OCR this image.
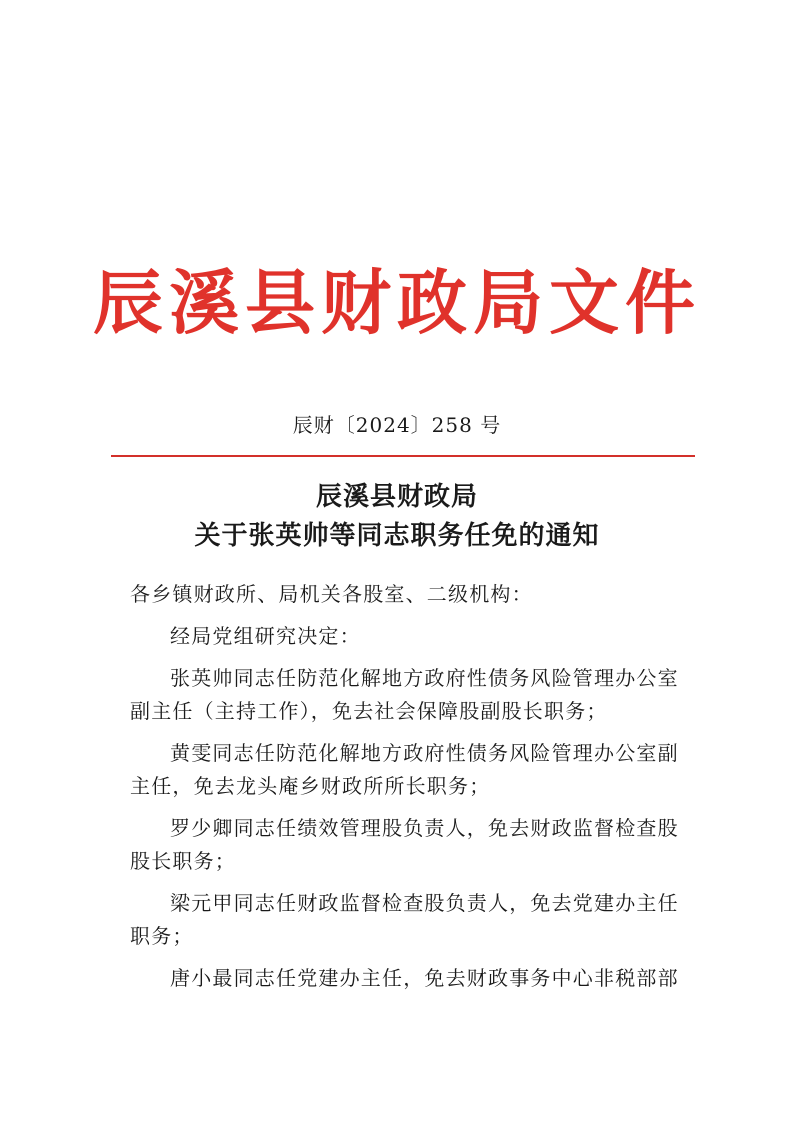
辰溪县财政局文件
辰财〔2024〕258 号
辰溪县财政局
关于张英帅等同志职务任免的通知

各乡镇财政所、局机关各股室、二级机构：

经局党组研究决定：

张英帅同志任防范化解地方政府性债务风险管理办公室副主任（主持工作），免去社会保障股副股长职务；

黄雯同志任防范化解地方政府性债务风险管理办公室副主任，免去龙头庵乡财政所所长职务；

罗少卿同志任绩效管理股负责人，免去财政监督检查股股长职务；

梁元甲同志任财政监督检查股负责人，免去党建办主任职务；

唐小最同志任党建办主任，免去财政事务中心非税部部
